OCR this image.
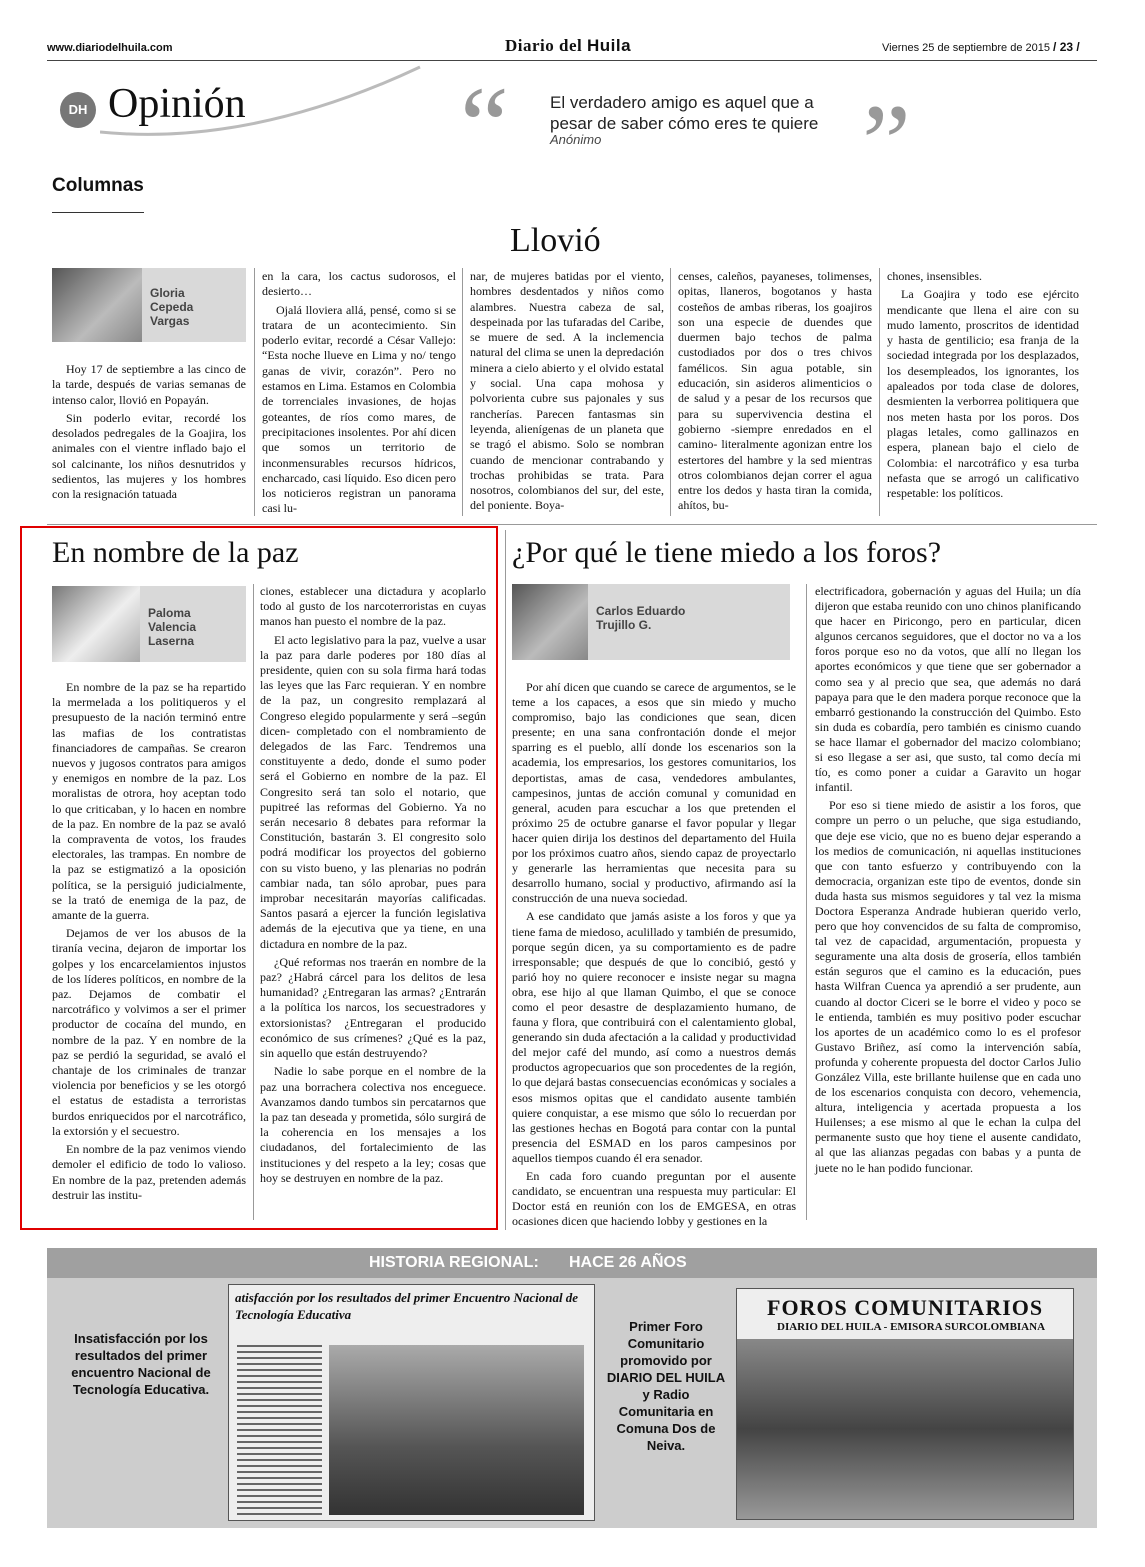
www.diariodelhuila.com	Diario del Huila	Viernes 25 de septiembre de 2015 / 23 /
DH Opinión “ El verdadero amigo es aquel que a pesar de saber cómo eres te quiere
Anónimo ”
Columnas
Llovió
Gloria Cepeda Vargas

Hoy 17 de septiembre a las cinco de la tarde, después de varias semanas de intenso calor, llovió en Popayán.

Sin poderlo evitar, recordé los desolados pedregales de la Goajira, los animales con el vientre inflado bajo el sol calcinante, los niños desnutridos y sedientos, las mujeres y los hombres con la resignación tatuada

en la cara, los cactus sudorosos, el desierto…

Ojalá lloviera allá, pensé, como si se tratara de un acontecimiento. Sin poderlo evitar, recordé a César Vallejo: “Esta noche llueve en Lima y no/ tengo ganas de vivir, corazón”. Pero no estamos en Lima. Estamos en Colombia de torrenciales invasiones, de hojas goteantes, de ríos como mares, de precipitaciones insolentes. Por ahí dicen que somos un territorio de inconmensurables recursos hídricos, encharcado, casi líquido. Eso dicen pero los noticieros registran un panorama casi lu-

nar, de mujeres batidas por el viento, hombres desdentados y niños como alambres. Nuestra cabeza de sal, despeinada por las tufaradas del Caribe, se muere de sed. A la inclemencia natural del clima se unen la depredación minera a cielo abierto y el olvido estatal y social. Una capa mohosa y polvorienta cubre sus pajonales y sus rancherías. Parecen fantasmas sin leyenda, alienígenas de un planeta que se tragó el abismo. Solo se nombran cuando de mencionar contrabando y trochas prohibidas se trata. Para nosotros, colombianos del sur, del este, del poniente. Boya-

censes, caleños, payaneses, tolimenses, opitas, llaneros, bogotanos y hasta costeños de ambas riberas, los goajiros son una especie de duendes que duermen bajo techos de palma custodiados por dos o tres chivos famélicos. Sin agua potable, sin educación, sin asideros alimenticios o de salud y a pesar de los recursos que para su supervivencia destina el gobierno -siempre enredados en el camino- literalmente agonizan entre los estertores del hambre y la sed mientras otros colombianos dejan correr el agua entre los dedos y hasta tiran la comida, ahítos, bu-

chones, insensibles.

La Goajira y todo ese ejército mendicante que llena el aire con su mudo lamento, proscritos de identidad y hasta de gentilicio; esa franja de la sociedad integrada por los desplazados, los desempleados, los ignorantes, los apaleados por toda clase de dolores, desmienten la verborrea politiquera que nos meten hasta por los poros. Dos plagas letales, como gallinazos en espera, planean bajo el cielo de Colombia: el narcotráfico y esa turba nefasta que se arrogó un calificativo respetable: los políticos.

En nombre de la paz
Paloma Valencia Laserna

En nombre de la paz se ha repartido la mermelada a los politiqueros y el presupuesto de la nación terminó entre las mafias de los contratistas financiadores de campañas. Se crearon nuevos y jugosos contratos para amigos y enemigos en nombre de la paz. Los moralistas de otrora, hoy aceptan todo lo que criticaban, y lo hacen en nombre de la paz. En nombre de la paz se avaló la compraventa de votos, los fraudes electorales, las trampas. En nombre de la paz se estigmatizó a la oposición política, se la persiguió judicialmente, se la trató de enemiga de la paz, de amante de la guerra.

Dejamos de ver los abusos de la tiranía vecina, dejaron de importar los golpes y los encarcelamientos injustos de los líderes políticos, en nombre de la paz. Dejamos de combatir el narcotráfico y volvimos a ser el primer productor de cocaína del mundo, en nombre de la paz. Y en nombre de la paz se perdió la seguridad, se avaló el chantaje de los criminales de tranzar violencia por beneficios y se les otorgó el estatus de estadista a terroristas burdos enriquecidos por el narcotráfico, la extorsión y el secuestro.

En nombre de la paz venimos viendo demoler el edificio de todo lo valioso. En nombre de la paz, pretenden además destruir las institu-

ciones, establecer una dictadura y acoplarlo todo al gusto de los narcoterroristas en cuyas manos han puesto el nombre de la paz.

El acto legislativo para la paz, vuelve a usar la paz para darle poderes por 180 días al presidente, quien con su sola firma hará todas las leyes que las Farc requieran. Y en nombre de la paz, un congresito remplazará al Congreso elegido popularmente y será –según dicen- completado con el nombramiento de delegados de las Farc. Tendremos una constituyente a dedo, donde el sumo poder será el Gobierno en nombre de la paz. El Congresito será tan solo el notario, que pupitreé las reformas del Gobierno. Ya no serán necesario 8 debates para reformar la Constitución, bastarán 3. El congresito solo podrá modificar los proyectos del gobierno con su visto bueno, y las plenarias no podrán cambiar nada, tan sólo aprobar, pues para improbar necesitarán mayorías calificadas. Santos pasará a ejercer la función legislativa además de la ejecutiva que ya tiene, en una dictadura en nombre de la paz.

¿Qué reformas nos traerán en nombre de la paz? ¿Habrá cárcel para los delitos de lesa humanidad? ¿Entregaran las armas? ¿Entrarán a la política los narcos, los secuestradores y extorsionistas? ¿Entregaran el producido económico de sus crímenes? ¿Qué es la paz, sin aquello que están destruyendo?

Nadie lo sabe porque en el nombre de la paz una borrachera colectiva nos enceguece. Avanzamos dando tumbos sin percatarnos que la paz tan deseada y prometida, sólo surgirá de la coherencia en los mensajes a los ciudadanos, del fortalecimiento de las instituciones y del respeto a la ley; cosas que hoy se destruyen en nombre de la paz.

¿Por qué le tiene miedo a los foros?
Carlos Eduardo Trujillo G.

Por ahí dicen que cuando se carece de argumentos, se le teme a los capaces, a esos que sin miedo y mucho compromiso, bajo las condiciones que sean, dicen presente; en una sana confrontación donde el mejor sparring es el pueblo, allí donde los escenarios son la academia, los empresarios, los gestores comunitarios, los deportistas, amas de casa, vendedores ambulantes, campesinos, juntas de acción comunal y comunidad en general, acuden para escuchar a los que pretenden el próximo 25 de octubre ganarse el favor popular y llegar hacer quien dirija los destinos del departamento del Huila por los próximos cuatro años, siendo capaz de proyectarlo y generarle las herramientas que necesita para su desarrollo humano, social y productivo, afirmando así la construcción de una nueva sociedad.

A ese candidato que jamás asiste a los foros y que ya tiene fama de miedoso, aculillado y también de presumido, porque según dicen, ya su comportamiento es de padre irresponsable; que después de que lo concibió, gestó y parió hoy no quiere reconocer e insiste negar su magna obra, ese hijo al que llaman Quimbo, el que se conoce como el peor desastre de desplazamiento humano, de fauna y flora, que contribuirá con el calentamiento global, generando sin duda afectación a la calidad y productividad del mejor café del mundo, así como a nuestros demás productos agropecuarios que son procedentes de la región, lo que dejará bastas consecuencias económicas y sociales a esos mismos opitas que el candidato ausente también quiere conquistar, a ese mismo que sólo lo recuerdan por las gestiones hechas en Bogotá para contar con la puntal presencia del ESMAD en los paros campesinos por aquellos tiempos cuando él era senador.

En cada foro cuando preguntan por el ausente candidato, se encuentran una respuesta muy particular: El Doctor está en reunión con los de EMGESA, en otras ocasiones dicen que haciendo lobby y gestiones en la

electrificadora, gobernación y aguas del Huila; un día dijeron que estaba reunido con uno chinos planificando que hacer en Piricongo, pero en particular, dicen algunos cercanos seguidores, que el doctor no va a los foros porque eso no da votos, que allí no llegan los aportes económicos y que tiene que ser gobernador a como sea y al precio que sea, que además no dará papaya para que le den madera porque reconoce que la embarró gestionando la construcción del Quimbo. Esto sin duda es cobardía, pero también es cinismo cuando se hace llamar el gobernador del macizo colombiano; si eso llegase a ser asi, que susto, tal como decía mi tío, es como poner a cuidar a Garavito un hogar infantil.

Por eso si tiene miedo de asistir a los foros, que compre un perro o un peluche, que siga estudiando, que deje ese vicio, que no es bueno dejar esperando a los medios de comunicación, ni aquellas instituciones que con tanto esfuerzo y contribuyendo con la democracia, organizan este tipo de eventos, donde sin duda hasta sus mismos seguidores y tal vez la misma Doctora Esperanza Andrade hubieran querido verlo, pero que hoy convencidos de su falta de compromiso, tal vez de capacidad, argumentación, propuesta y seguramente una alta dosis de grosería, ellos también están seguros que el camino es la educación, pues hasta Wilfran Cuenca ya aprendió a ser prudente, aun cuando al doctor Ciceri se le borre el video y poco se le entienda, también es muy positivo poder escuchar los aportes de un académico como lo es el profesor Gustavo Briñez, así como la intervención sabía, profunda y coherente propuesta del doctor Carlos Julio González Villa, este brillante huilense que en cada uno de los escenarios conquista con decoro, vehemencia, altura, inteligencia y acertada propuesta a los Huilenses; a ese mismo al que le echan la culpa del permanente susto que hoy tiene el ausente candidato, al que las alianzas pegadas con babas y a punta de juete no le han podido funcionar.

HISTORIA REGIONAL: HACE 26 AÑOS
Insatisfacción por los resultados del primer encuentro Nacional de Tecnología Educativa.
atisfacción por los resultados del primer Encuentro Nacional de Tecnología Educativa
Primer Foro Comunitario promovido por DIARIO DEL HUILA y Radio Comunitaria en Comuna Dos de Neiva.
FOROS COMUNITARIOS
DIARIO DEL HUILA - EMISORA SURCOLOMBIANA
